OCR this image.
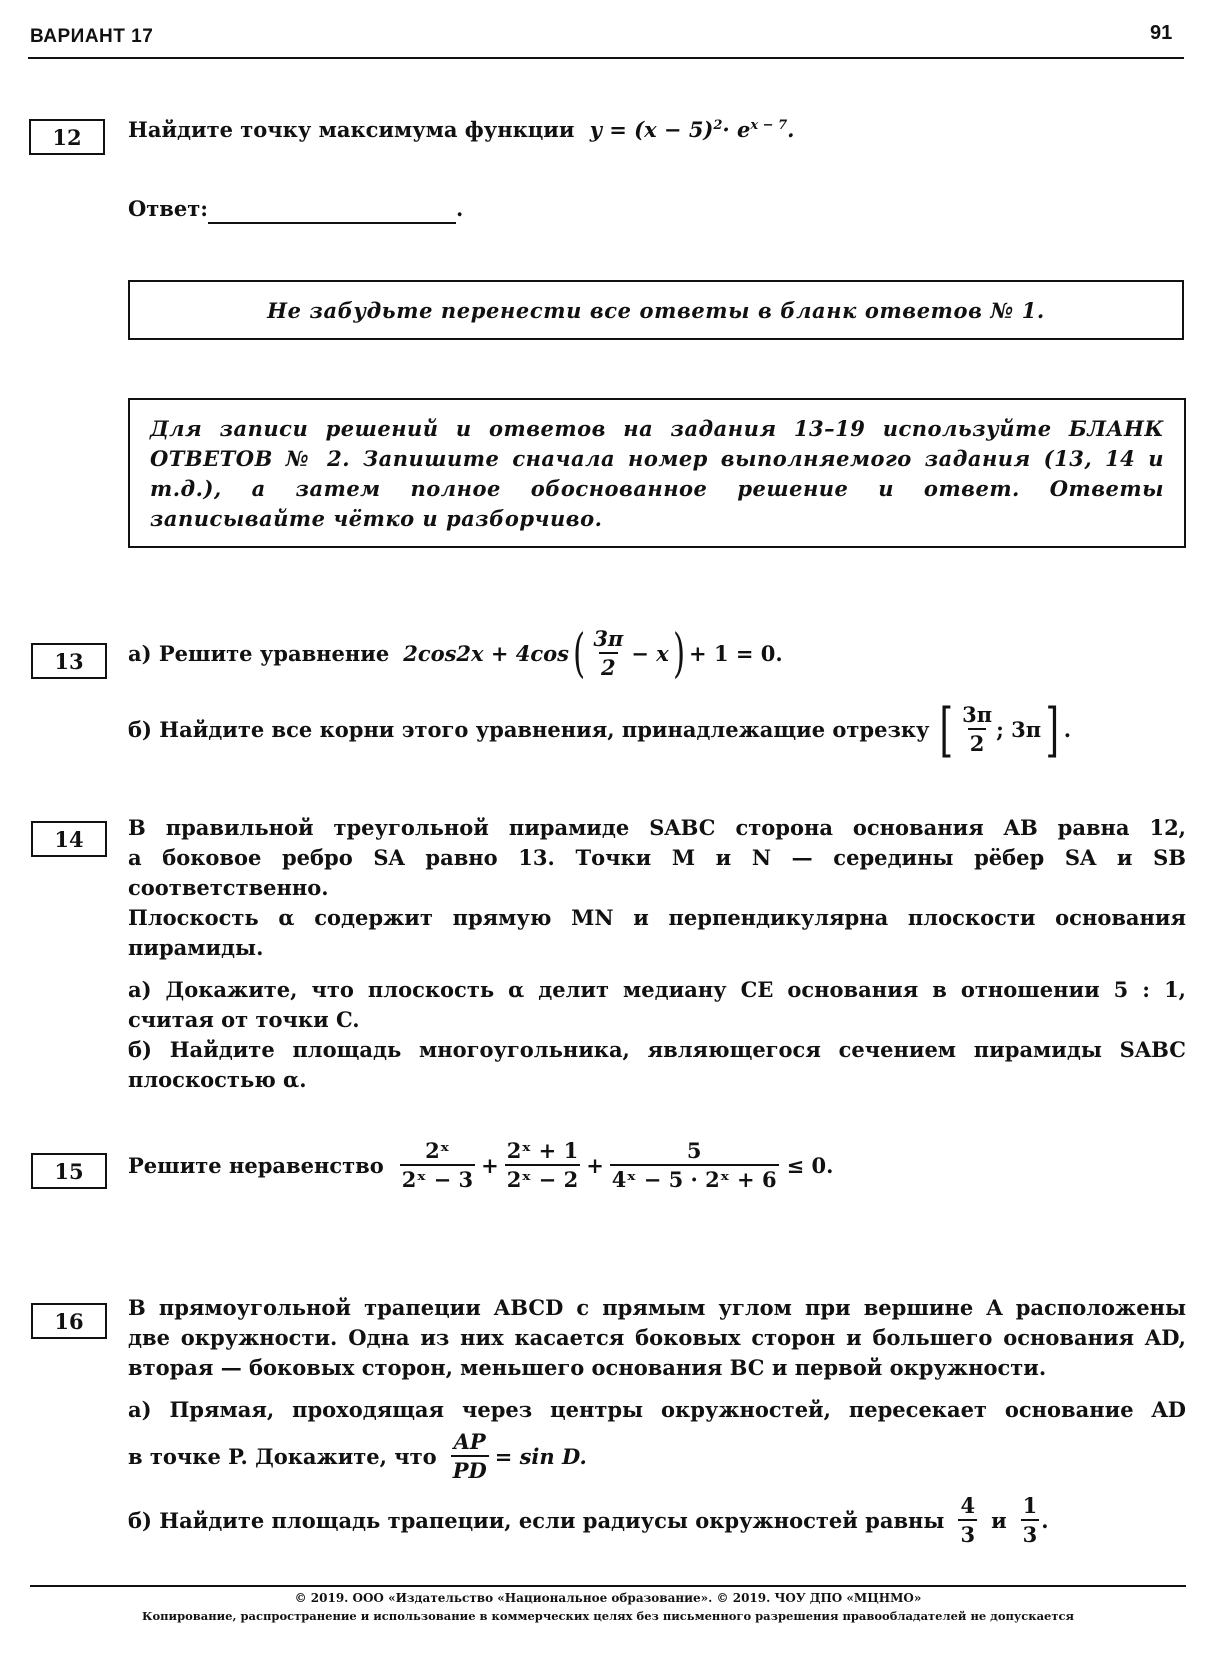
ВАРИАНТ 17	91
12	Найдите точку максимума функции $y = (x - 5)^2\cdot e^{x - 7}$.
Ответ:	.
Не забудьте перенести все ответы в бланк ответов № 1.
Для записи решений и ответов на задания 13–19 используйте БЛАНК ОТВЕТОВ № 2. Запишите сначала номер выполняемого задания (13, 14 и т.д.), а затем полное обоснованное решение и ответ. Ответы записывайте чётко и разборчиво.
13	а) Решите уравнение 2cos2x + 4cos ( $\frac{3\pi}{2} - x$ ) + 1 = 0.
б) Найдите все корни этого уравнения, принадлежащие отрезку [ $\frac{3\pi}{2}$ ; 3π ] .
14	В правильной треугольной пирамиде SABC сторона основания AB равна 12,
а боковое ребро SA равно 13. Точки M и N — середины рёбер SA и SB соответственно.
Плоскость α содержит прямую MN и перпендикулярна плоскости основания
пирамиды.
а) Докажите, что плоскость α делит медиану CE основания в отношении 5 : 1,
считая от точки C.
б) Найдите площадь многоугольника, являющегося сечением пирамиды SABC
плоскостью α.
15	Решите неравенство $\frac{\text{2ˣ}}{\text{2ˣ − 3}} + \frac{\text{2ˣ + 1}}{\text{2ˣ − 2}} + \frac{5}{\text{4ˣ − 5 · 2ˣ + 6}} \le 0$.
16
В прямоугольной трапеции ABCD с прямым углом при вершине A расположены
две окружности. Одна из них касается боковых сторон и большего основания AD,
вторая — боковых сторон, меньшего основания BC и первой окружности.
а) Прямая, проходящая через центры окружностей, пересекает основание AD
в точке P. Докажите, что $\frac{AP}{PD} = \sin D$.
б) Найдите площадь трапеции, если радиусы окружностей равны $\frac{4}{3}$ и $\frac{1}{3}$ .
© 2019. ООО «Издательство «Национальное образование». © 2019. ЧОУ ДПО «МЦНМО»
Копирование, распространение и использование в коммерческих целях без письменного разрешения правообладателей не допускается
